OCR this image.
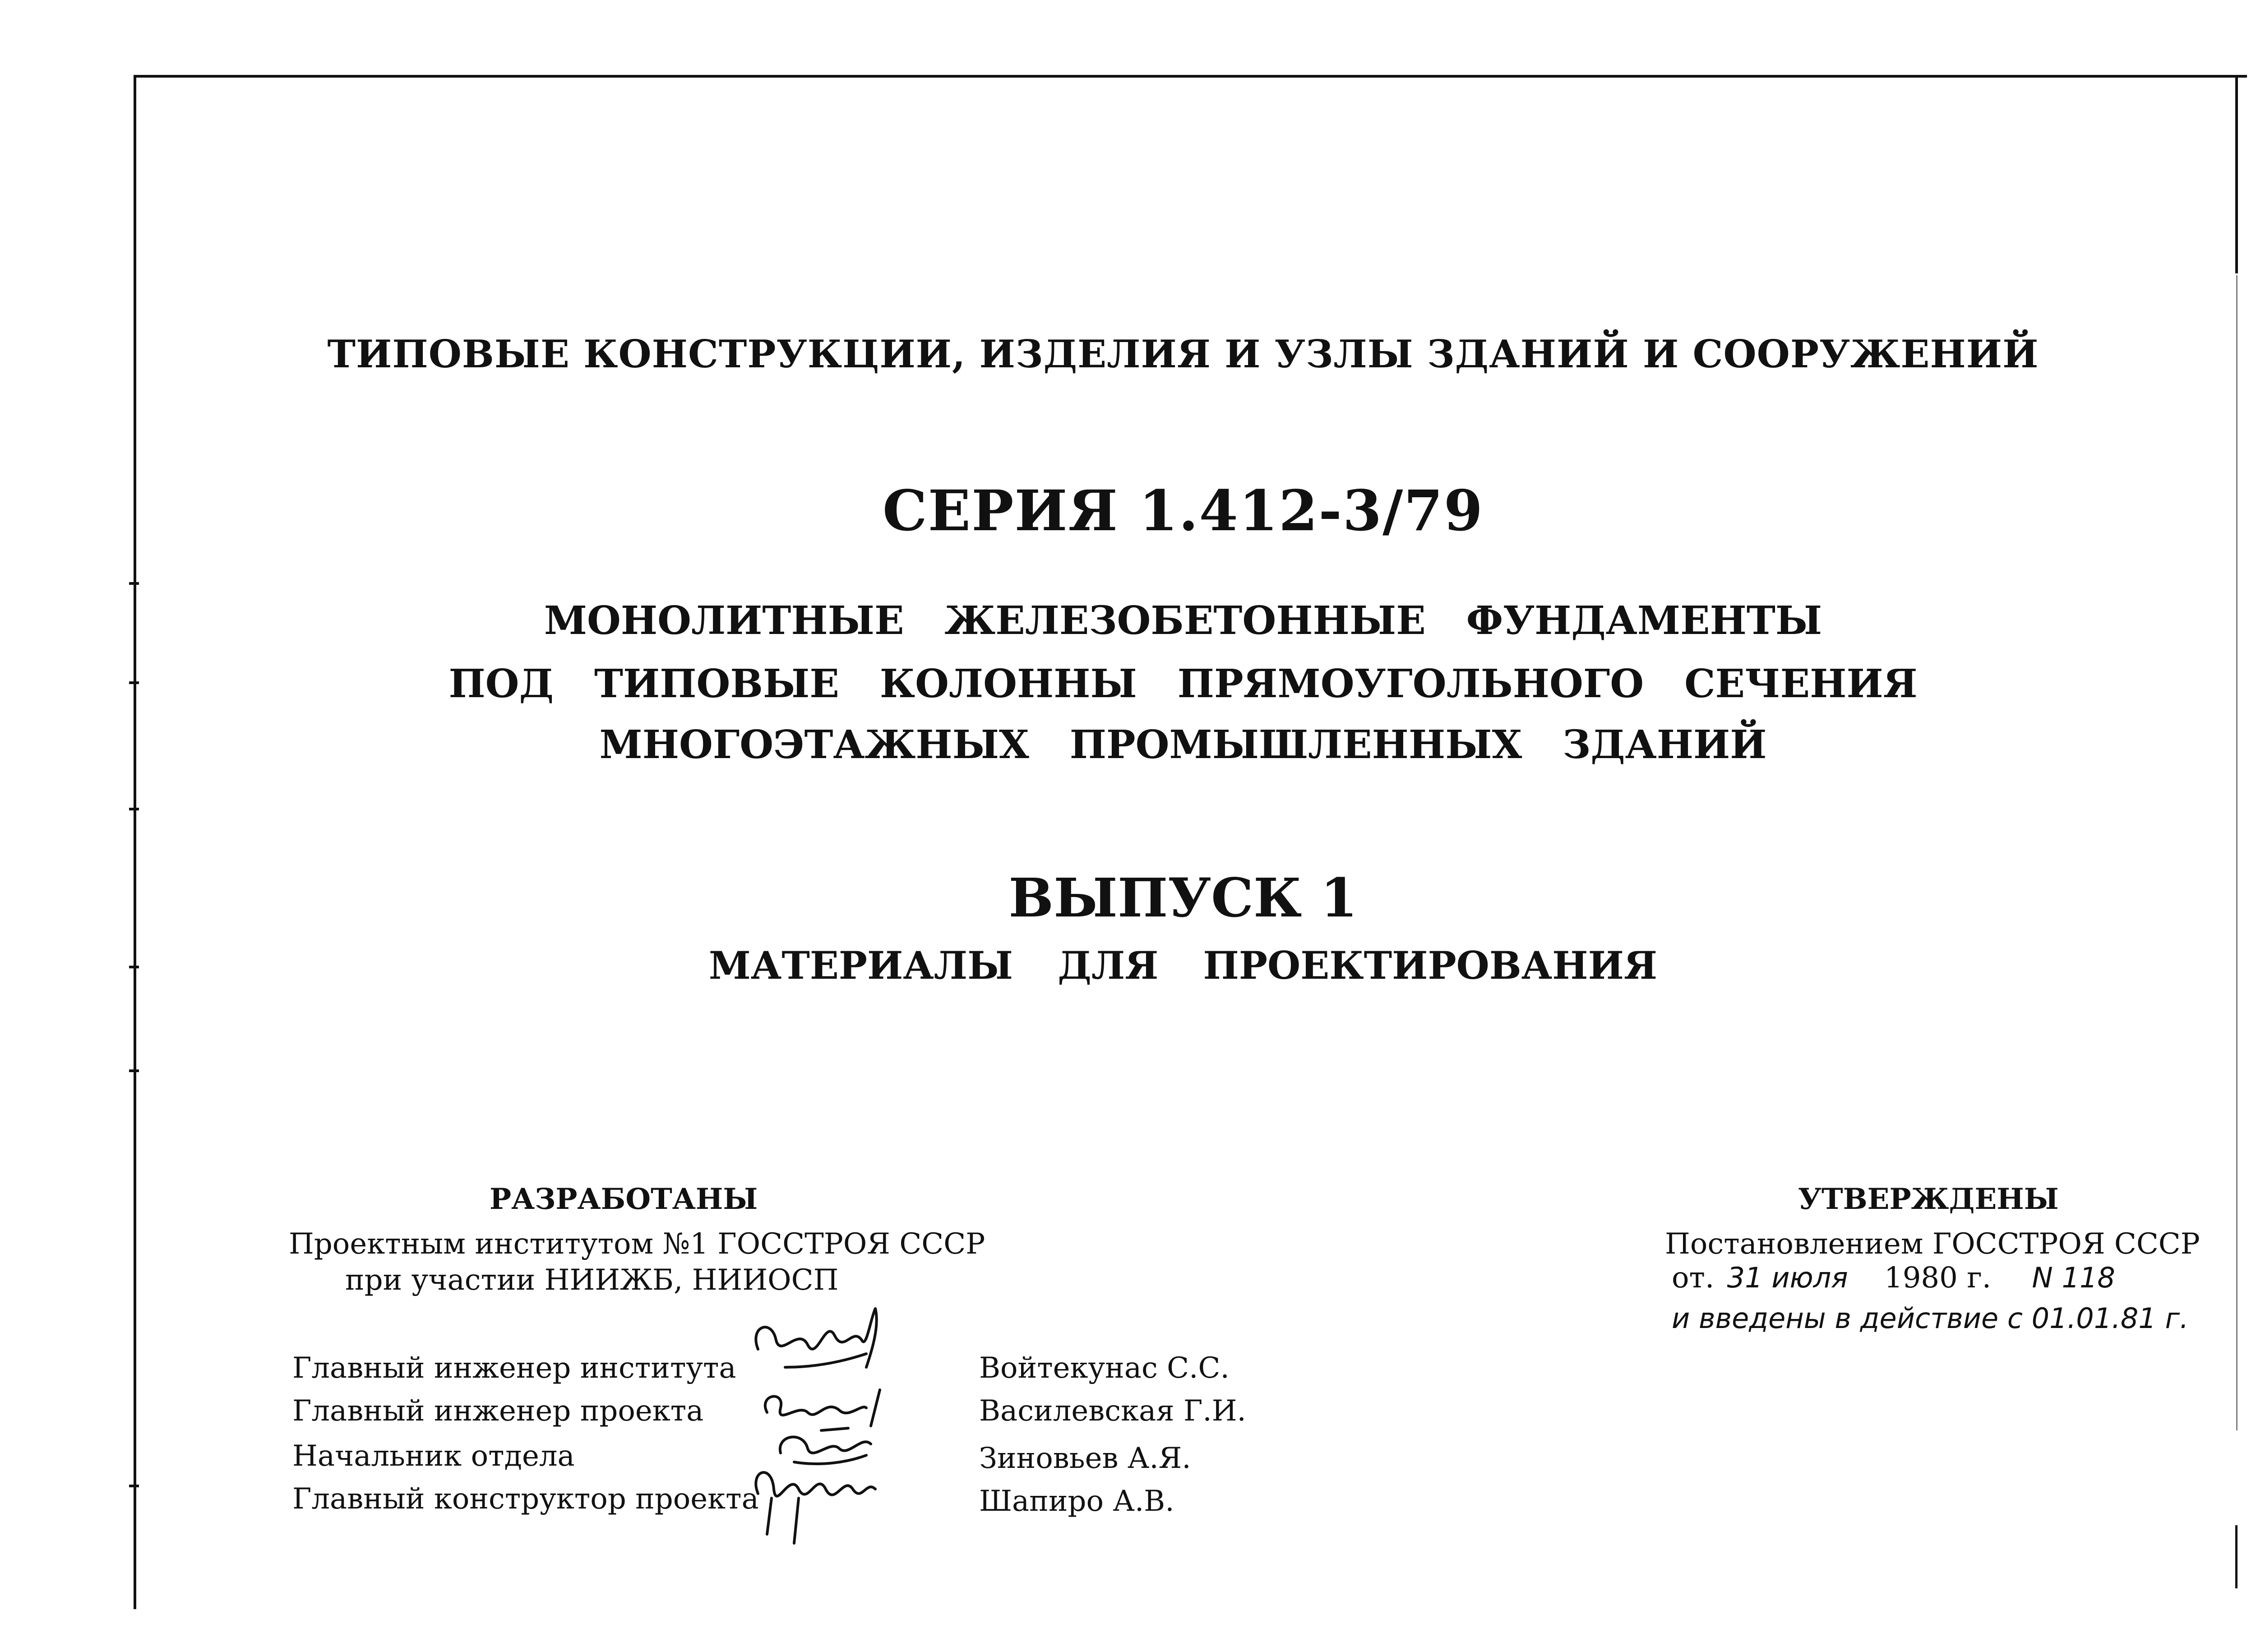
ТИПОВЫЕ КОНСТРУКЦИИ, ИЗДЕЛИЯ И УЗЛЫ ЗДАНИЙ И СООРУЖЕНИЙ
СЕРИЯ 1.412-3/79
МОНОЛИТНЫЕ ЖЕЛЕЗОБЕТОННЫЕ ФУНДАМЕНТЫ
ПОД ТИПОВЫЕ КОЛОННЫ ПРЯМОУГОЛЬНОГО СЕЧЕНИЯ
МНОГОЭТАЖНЫХ ПРОМЫШЛЕННЫХ ЗДАНИЙ
ВЫПУСК 1
МАТЕРИАЛЫ ДЛЯ ПРОЕКТИРОВАНИЯ
РАЗРАБОТАНЫ
Проектным институтом №1 ГОССТРОЯ СССР
при участии НИИЖБ, НИИОСП
УТВЕРЖДЕНЫ
Постановлением ГОССТРОЯ СССР
от. 31 июля 1980 г. N 118
и введены в действие с 01.01.81 г.
Главный инженер института
Главный инженер проекта
Начальник отдела
Главный конструктор проекта
Войтекунас С.С.
Василевская Г.И.
Зиновьев А.Я.
Шапиро А.В.
